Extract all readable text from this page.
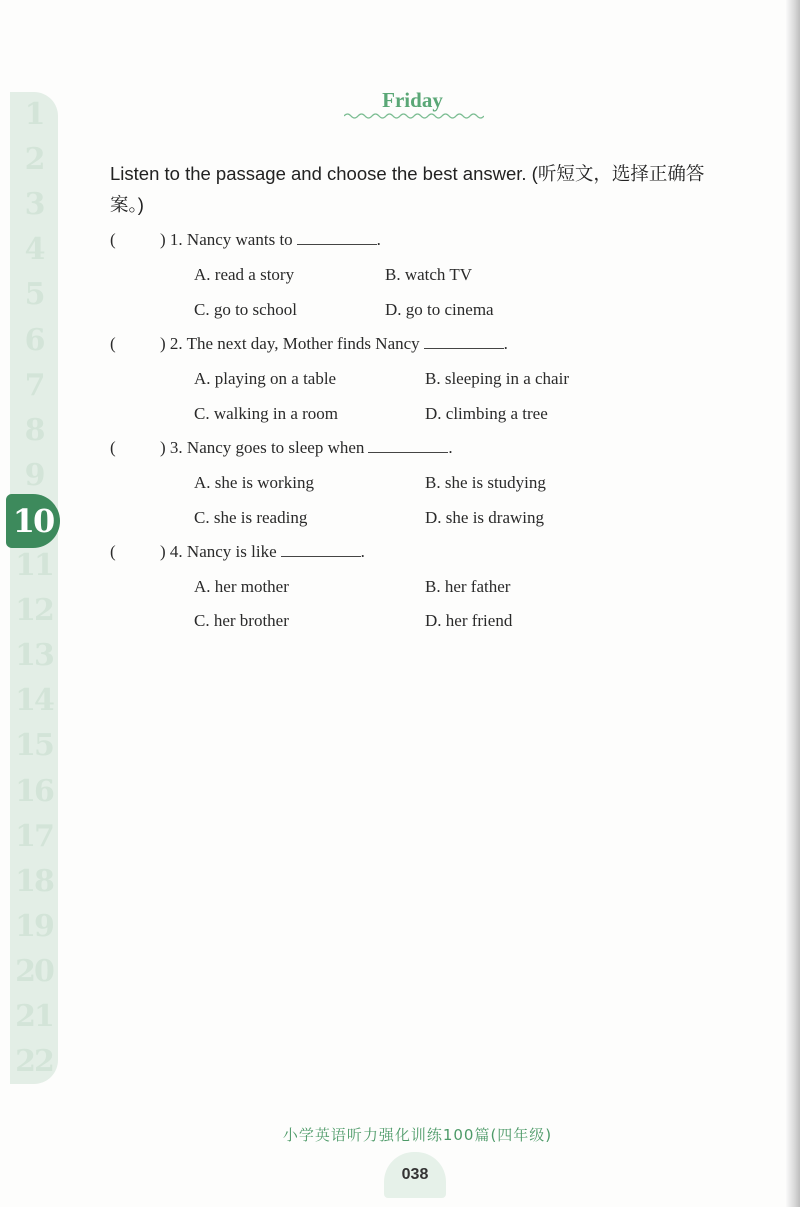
1
2
3
4
5
6
7
8
9
10
11
12
13
14
15
16
17
18
19
20
21
22
Friday
Listen to the passage and choose the best answer. (听短文，选择正确答案。)
(	) 1. Nancy wants to	.
A. read a story	B. watch TV
C. go to school	D. go to cinema
(	) 2. The next day, Mother finds Nancy	.
A. playing on a table	B. sleeping in a chair
C. walking in a room	D. climbing a tree
(	) 3. Nancy goes to sleep when	.
A. she is working	B. she is studying
C. she is reading	D. she is drawing
(	) 4. Nancy is like	.
A. her mother	B. her father
C. her brother	D. her friend
小学英语听力强化训练100篇(四年级)
038
